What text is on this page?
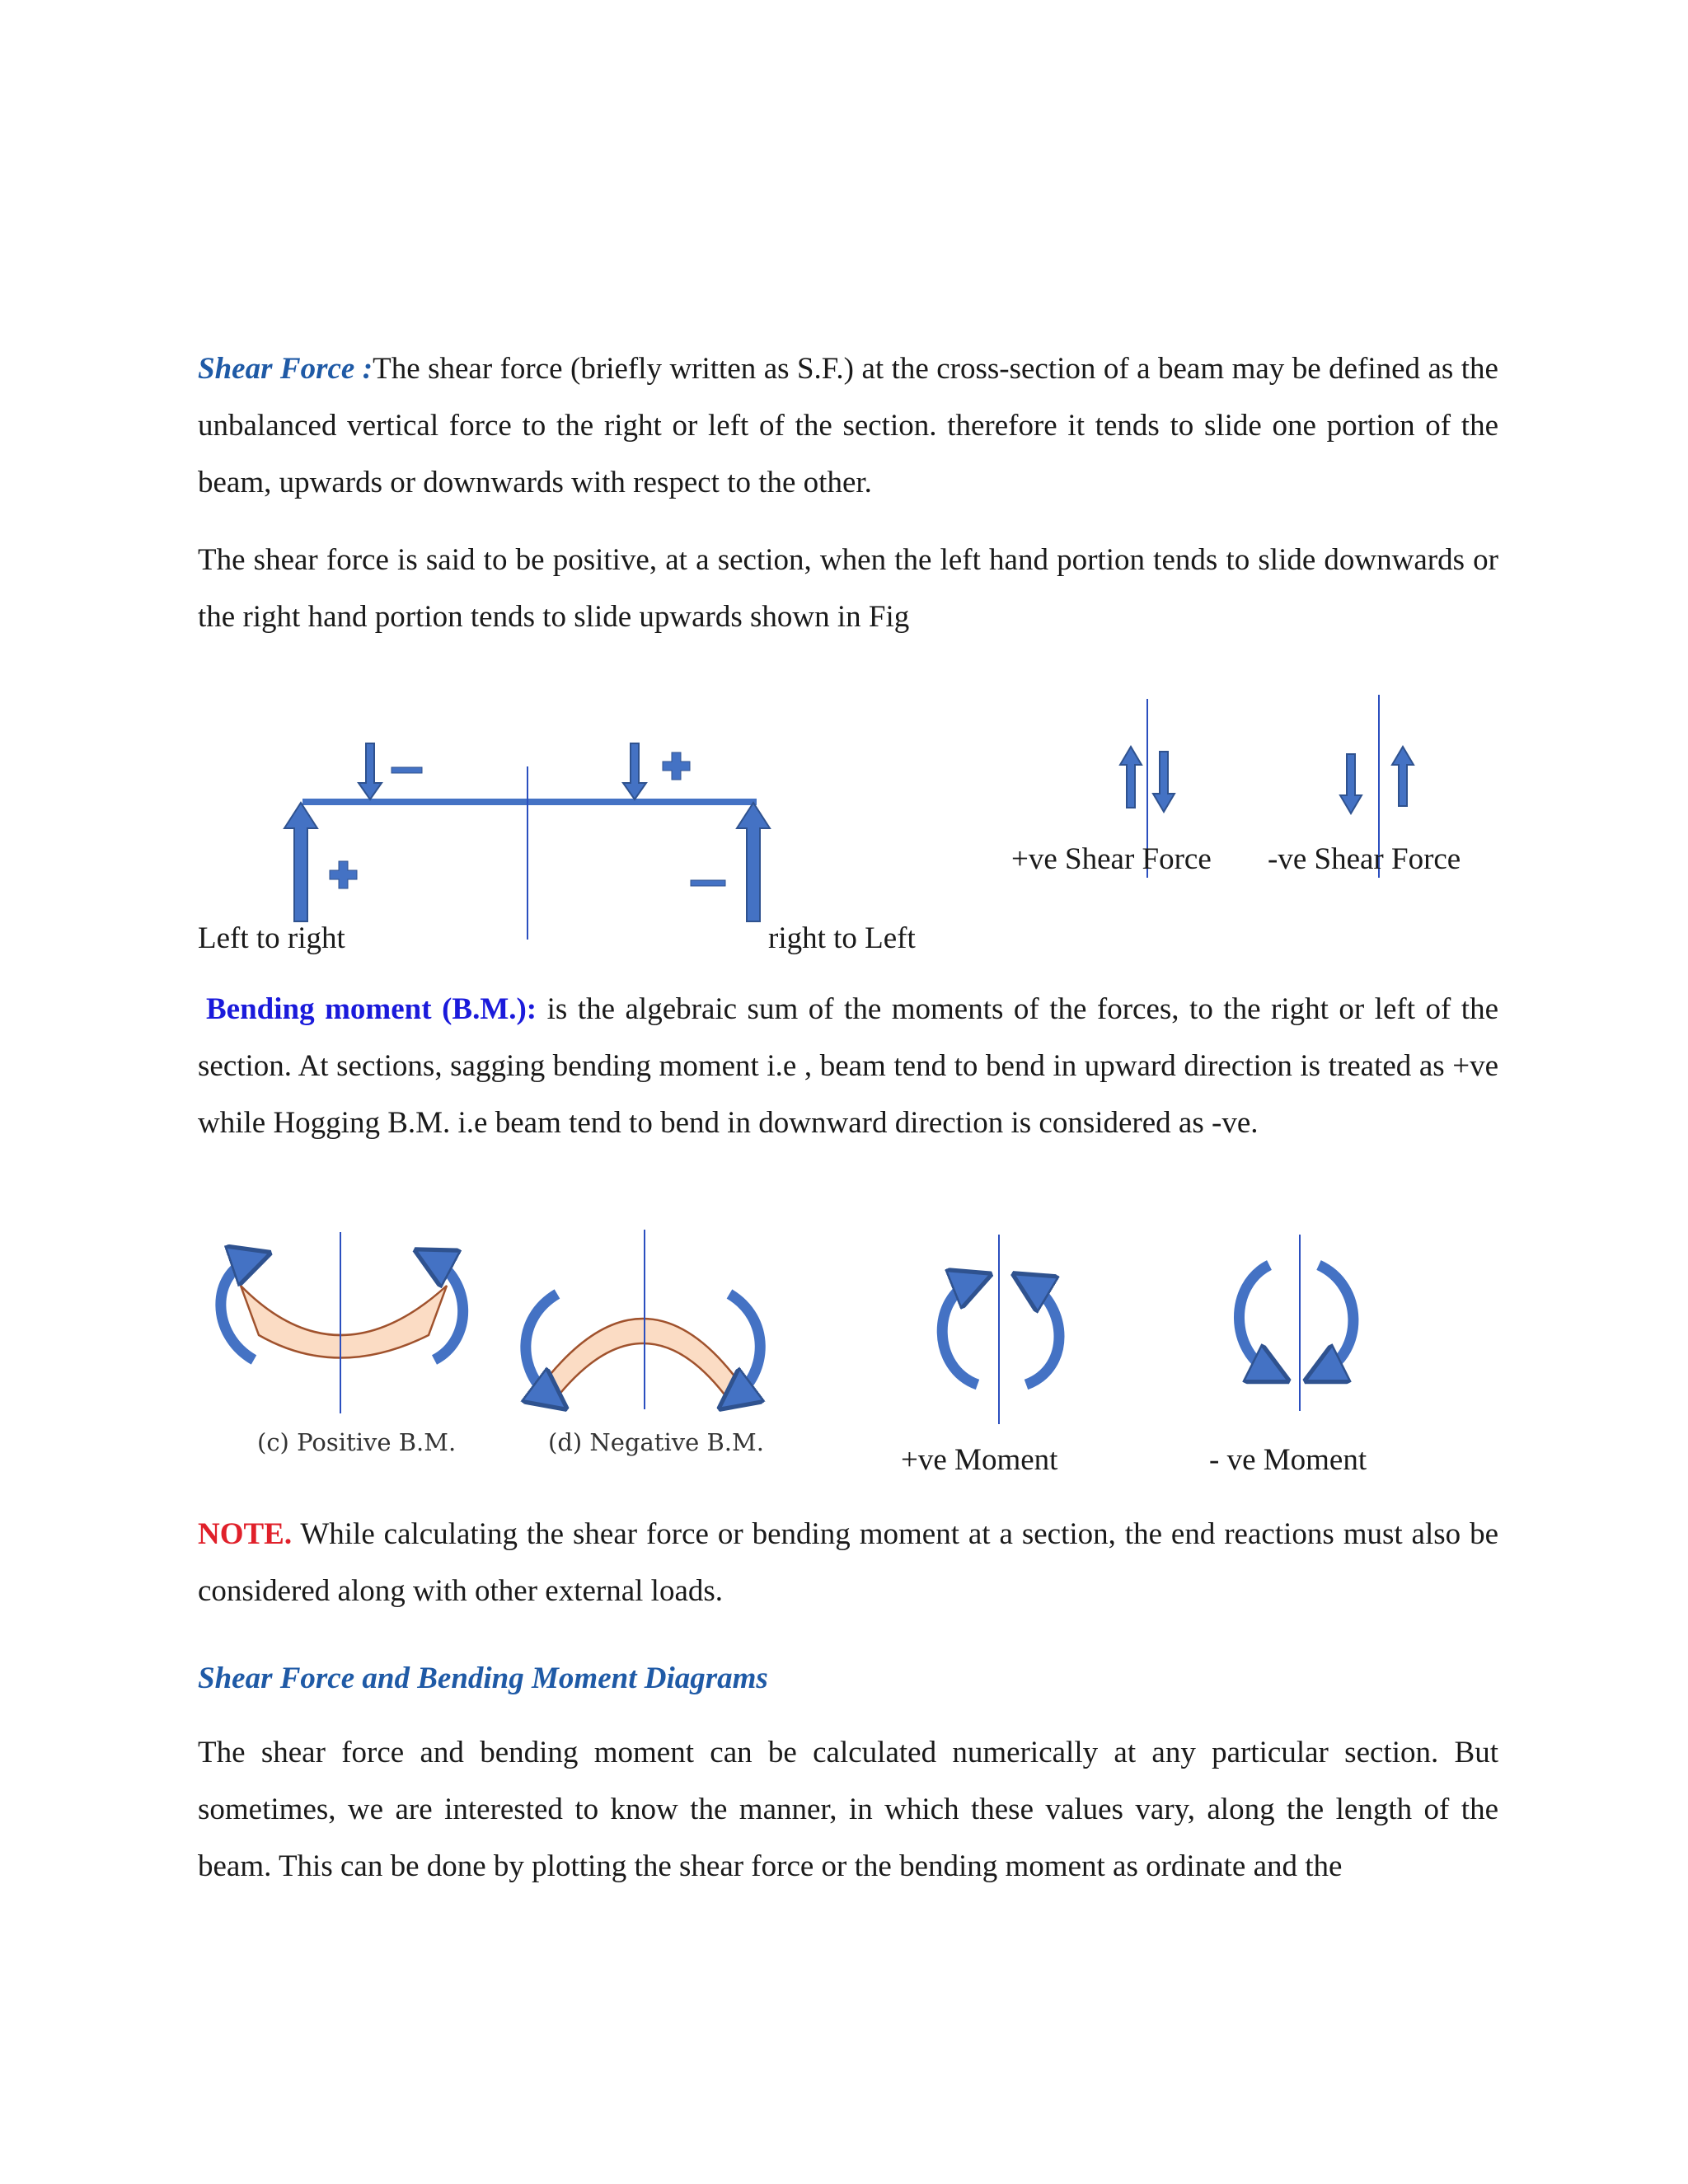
Shear Force :The shear force (briefly written as S.F.) at the cross-section of a beam may be defined as the unbalanced vertical force to the right or left of the section. therefore it tends to slide one portion of the beam, upwards or downwards with respect to the other.

The shear force is said to be positive, at a section, when the left hand portion tends to slide downwards or the right hand portion tends to slide upwards shown in Fig

Left to right	right to Left
+ve Shear Force -ve Shear Force

Bending moment (B.M.): is the algebraic sum of the moments of the forces, to the right or left of the section. At sections, sagging bending moment i.e , beam tend to bend in upward direction is treated as +ve while Hogging B.M. i.e beam tend to bend in downward direction is considered as -ve.

(c) Positive B.M.	(d) Negative B.M.
+ve Moment	- ve Moment

NOTE. While calculating the shear force or bending moment at a section, the end reactions must also be considered along with other external loads.

Shear Force and Bending Moment Diagrams

The shear force and bending moment can be calculated numerically at any particular section. But sometimes, we are interested to know the manner, in which these values vary, along the length of the beam. This can be done by plotting the shear force or the bending moment as ordinate and the
